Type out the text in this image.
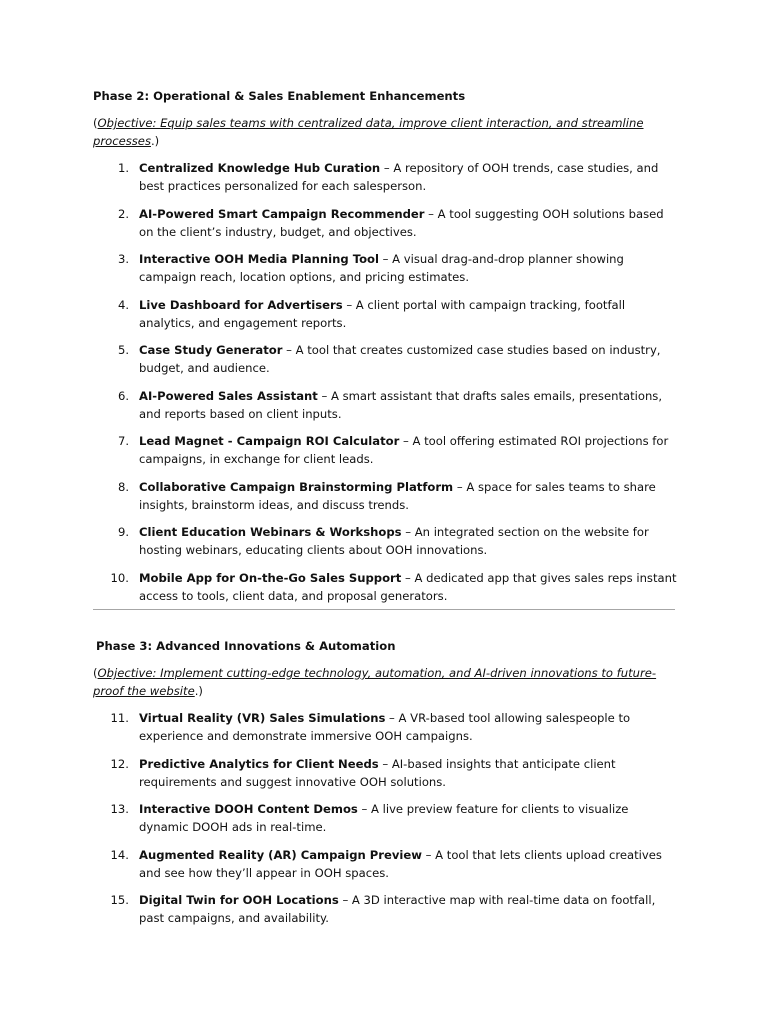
Phase 2: Operational & Sales Enablement Enhancements
(Objective: Equip sales teams with centralized data, improve client interaction, and streamline processes.)
1. Centralized Knowledge Hub Curation – A repository of OOH trends, case studies, and best practices personalized for each salesperson.
2. AI-Powered Smart Campaign Recommender – A tool suggesting OOH solutions based on the client’s industry, budget, and objectives.
3. Interactive OOH Media Planning Tool – A visual drag-and-drop planner showing campaign reach, location options, and pricing estimates.
4. Live Dashboard for Advertisers – A client portal with campaign tracking, footfall analytics, and engagement reports.
5. Case Study Generator – A tool that creates customized case studies based on industry, budget, and audience.
6. AI-Powered Sales Assistant – A smart assistant that drafts sales emails, presentations, and reports based on client inputs.
7. Lead Magnet - Campaign ROI Calculator – A tool offering estimated ROI projections for campaigns, in exchange for client leads.
8. Collaborative Campaign Brainstorming Platform – A space for sales teams to share insights, brainstorm ideas, and discuss trends.
9. Client Education Webinars & Workshops – An integrated section on the website for hosting webinars, educating clients about OOH innovations.
10. Mobile App for On-the-Go Sales Support – A dedicated app that gives sales reps instant access to tools, client data, and proposal generators.
Phase 3: Advanced Innovations & Automation
(Objective: Implement cutting-edge technology, automation, and AI-driven innovations to future-proof the website.)
11. Virtual Reality (VR) Sales Simulations – A VR-based tool allowing salespeople to experience and demonstrate immersive OOH campaigns.
12. Predictive Analytics for Client Needs – AI-based insights that anticipate client requirements and suggest innovative OOH solutions.
13. Interactive DOOH Content Demos – A live preview feature for clients to visualize dynamic DOOH ads in real-time.
14. Augmented Reality (AR) Campaign Preview – A tool that lets clients upload creatives and see how they’ll appear in OOH spaces.
15. Digital Twin for OOH Locations – A 3D interactive map with real-time data on footfall, past campaigns, and availability.
